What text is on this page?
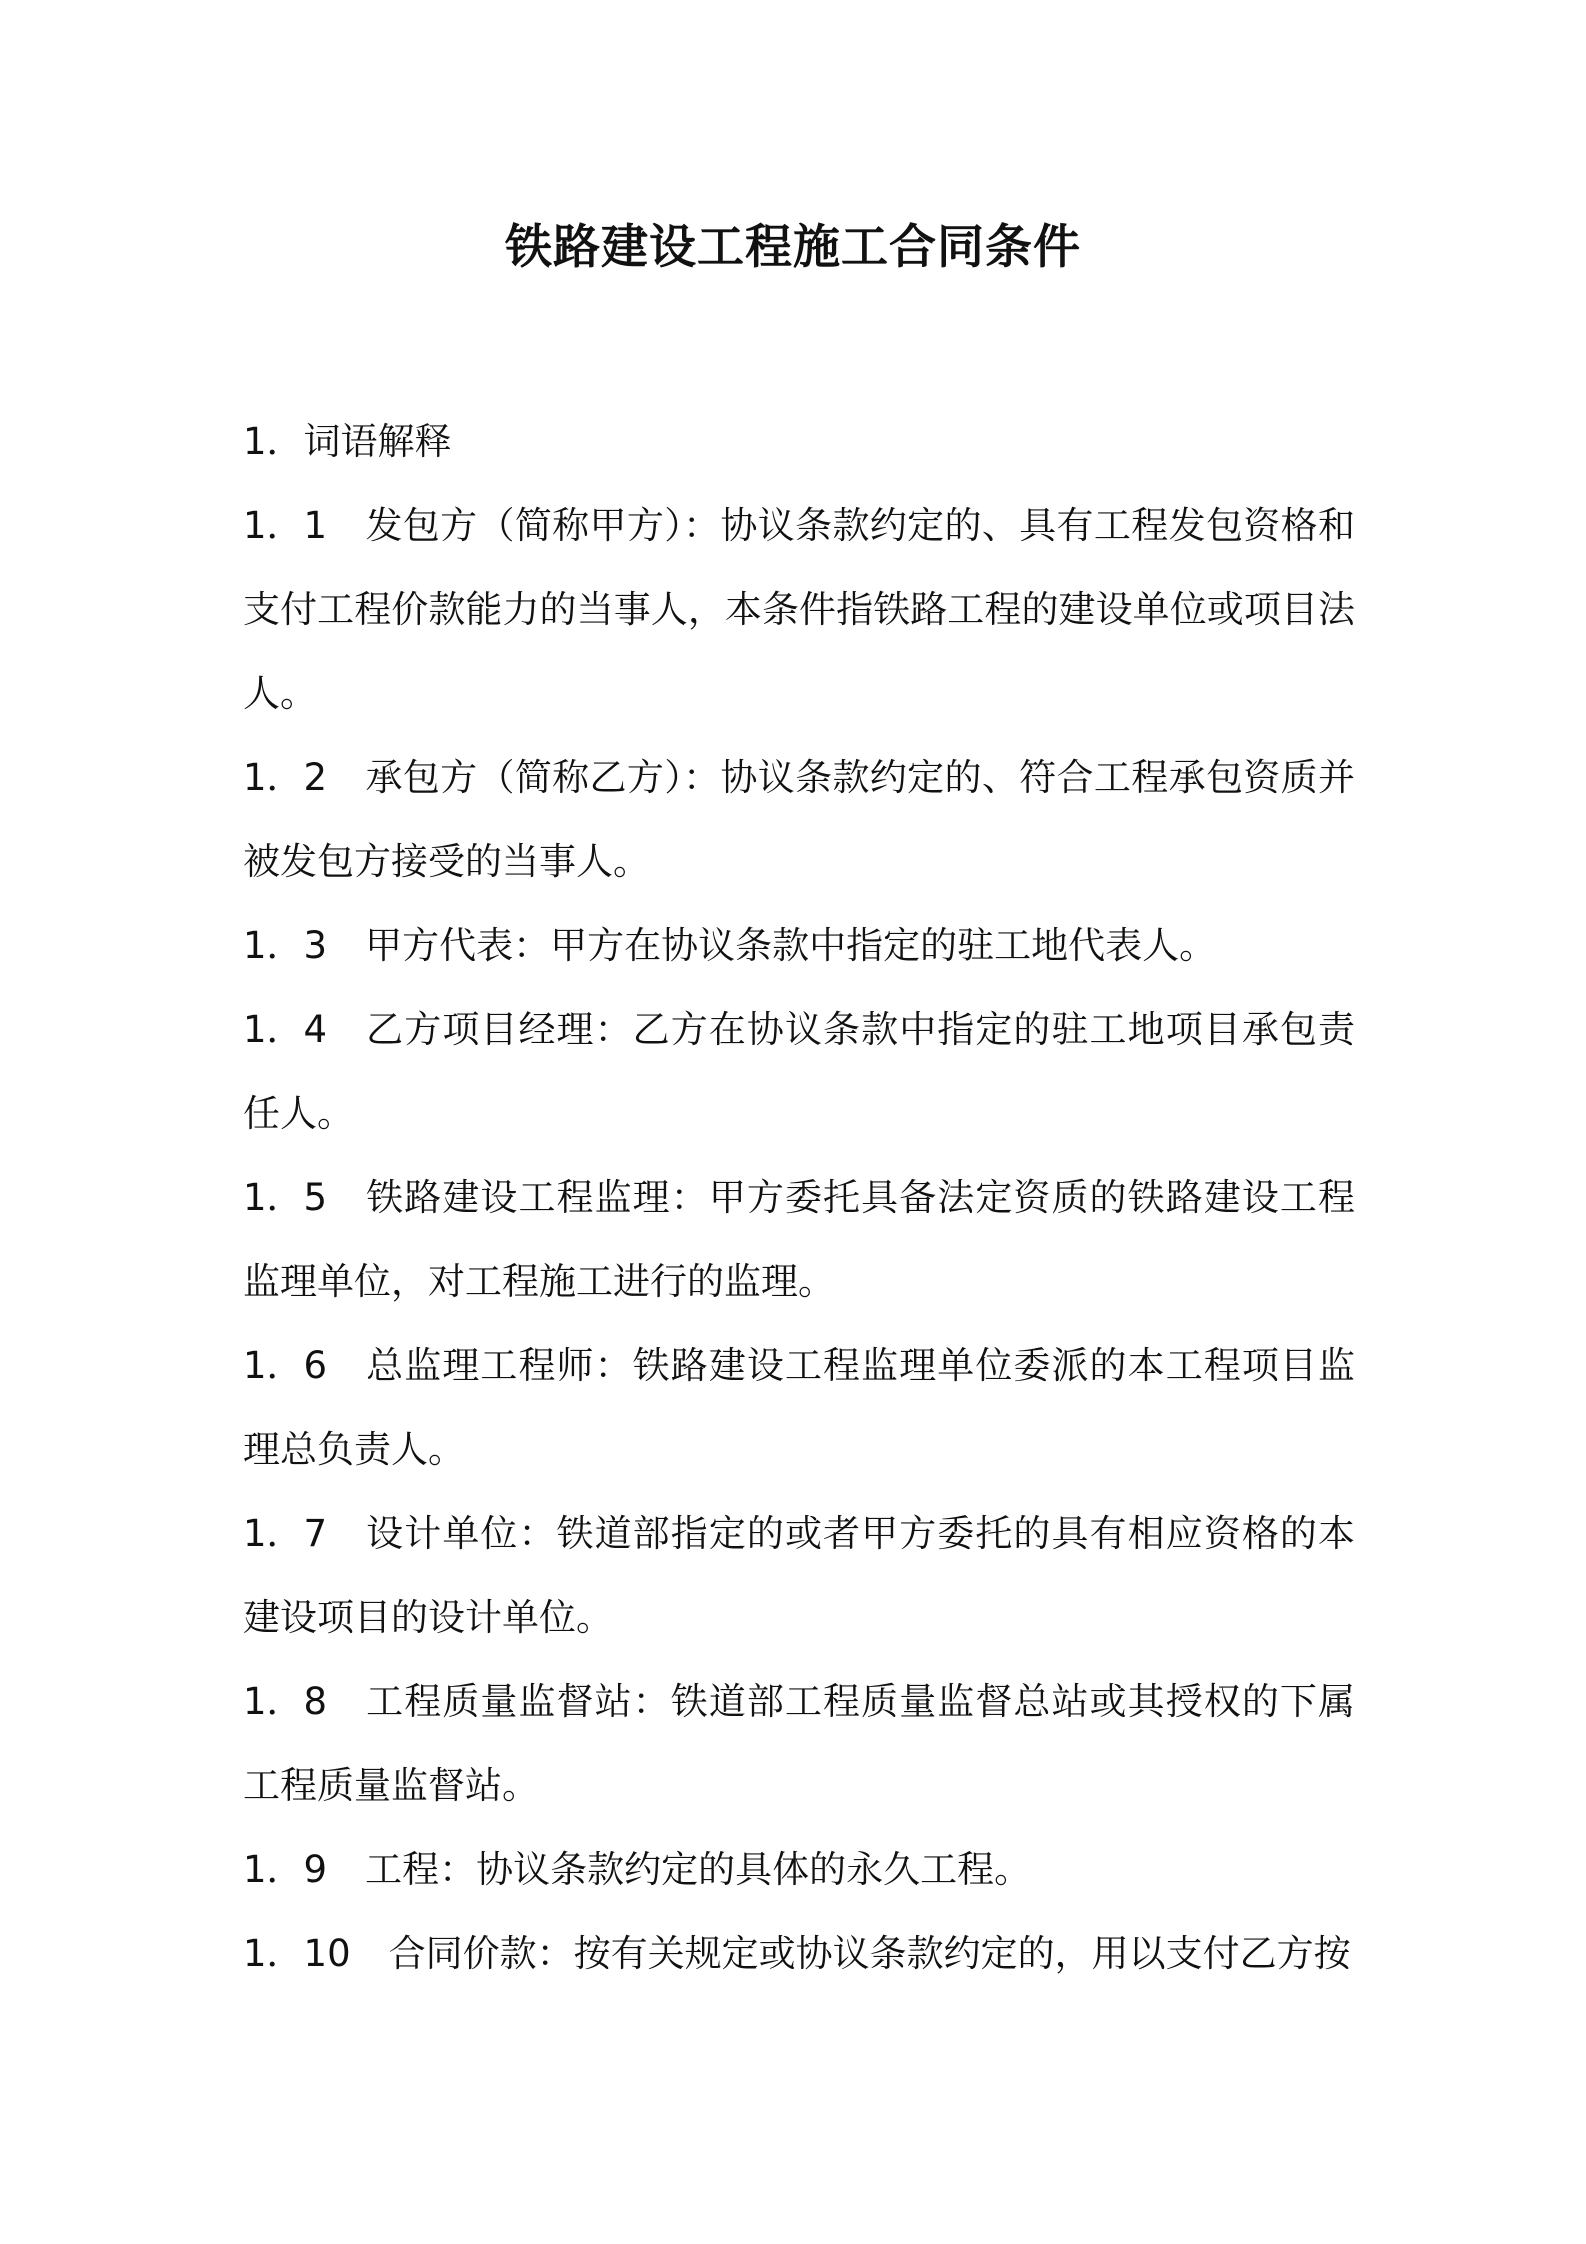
铁路建设工程施工合同条件

1．词语解释

1．1 发包方（简称甲方）：协议条款约定的、具有工程发包资格和支付工程价款能力的当事人，本条件指铁路工程的建设单位或项目法人。

1．2 承包方（简称乙方）：协议条款约定的、符合工程承包资质并被发包方接受的当事人。

1．3 甲方代表：甲方在协议条款中指定的驻工地代表人。

1．4 乙方项目经理：乙方在协议条款中指定的驻工地项目承包责任人。

1．5 铁路建设工程监理：甲方委托具备法定资质的铁路建设工程监理单位，对工程施工进行的监理。

1．6 总监理工程师：铁路建设工程监理单位委派的本工程项目监理总负责人。

1．7 设计单位：铁道部指定的或者甲方委托的具有相应资格的本建设项目的设计单位。

1．8 工程质量监督站：铁道部工程质量监督总站或其授权的下属工程质量监督站。

1．9 工程：协议条款约定的具体的永久工程。

1．10 合同价款：按有关规定或协议条款约定的，用以支付乙方按
